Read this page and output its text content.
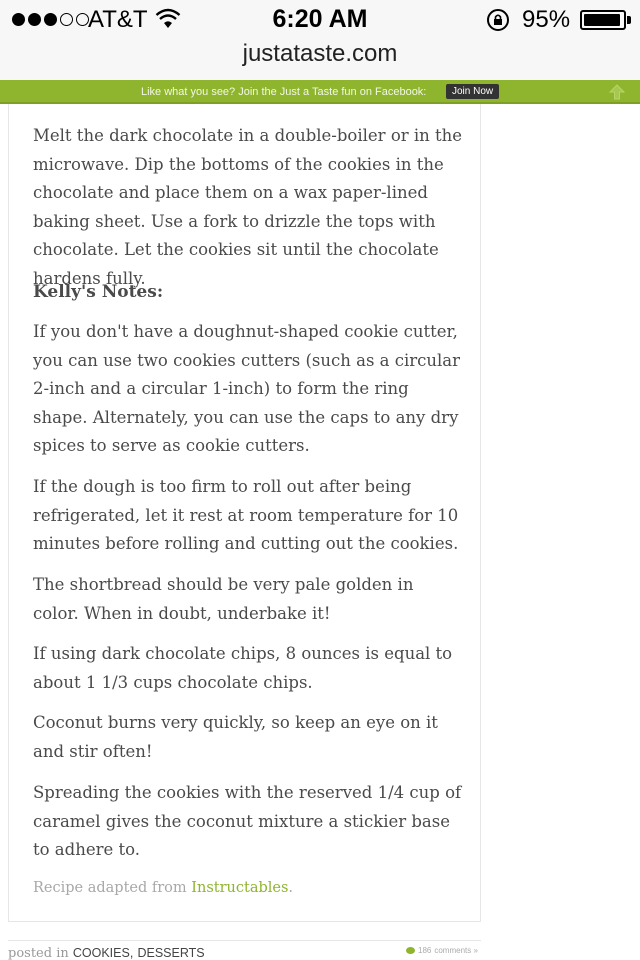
AT&T	6:20 AM	95%
justataste.com
Like what you see? Join the Just a Taste fun on Facebook:	Join Now
Melt the dark chocolate in a double-boiler or in the microwave. Dip the bottoms of the cookies in the chocolate and place them on a wax paper-lined baking sheet. Use a fork to drizzle the tops with chocolate. Let the cookies sit until the chocolate hardens fully.
Kelly's Notes:
If you don't have a doughnut-shaped cookie cutter, you can use two cookies cutters (such as a circular 2-inch and a circular 1-inch) to form the ring shape. Alternately, you can use the caps to any dry spices to serve as cookie cutters.
If the dough is too firm to roll out after being refrigerated, let it rest at room temperature for 10 minutes before rolling and cutting out the cookies.
The shortbread should be very pale golden in color. When in doubt, underbake it!
If using dark chocolate chips, 8 ounces is equal to about 1 1/3 cups chocolate chips.
Coconut burns very quickly, so keep an eye on it and stir often!
Spreading the cookies with the reserved 1/4 cup of caramel gives the coconut mixture a stickier base to adhere to.
Recipe adapted from Instructables.
posted in COOKIES, DESSERTS	186 comments »
